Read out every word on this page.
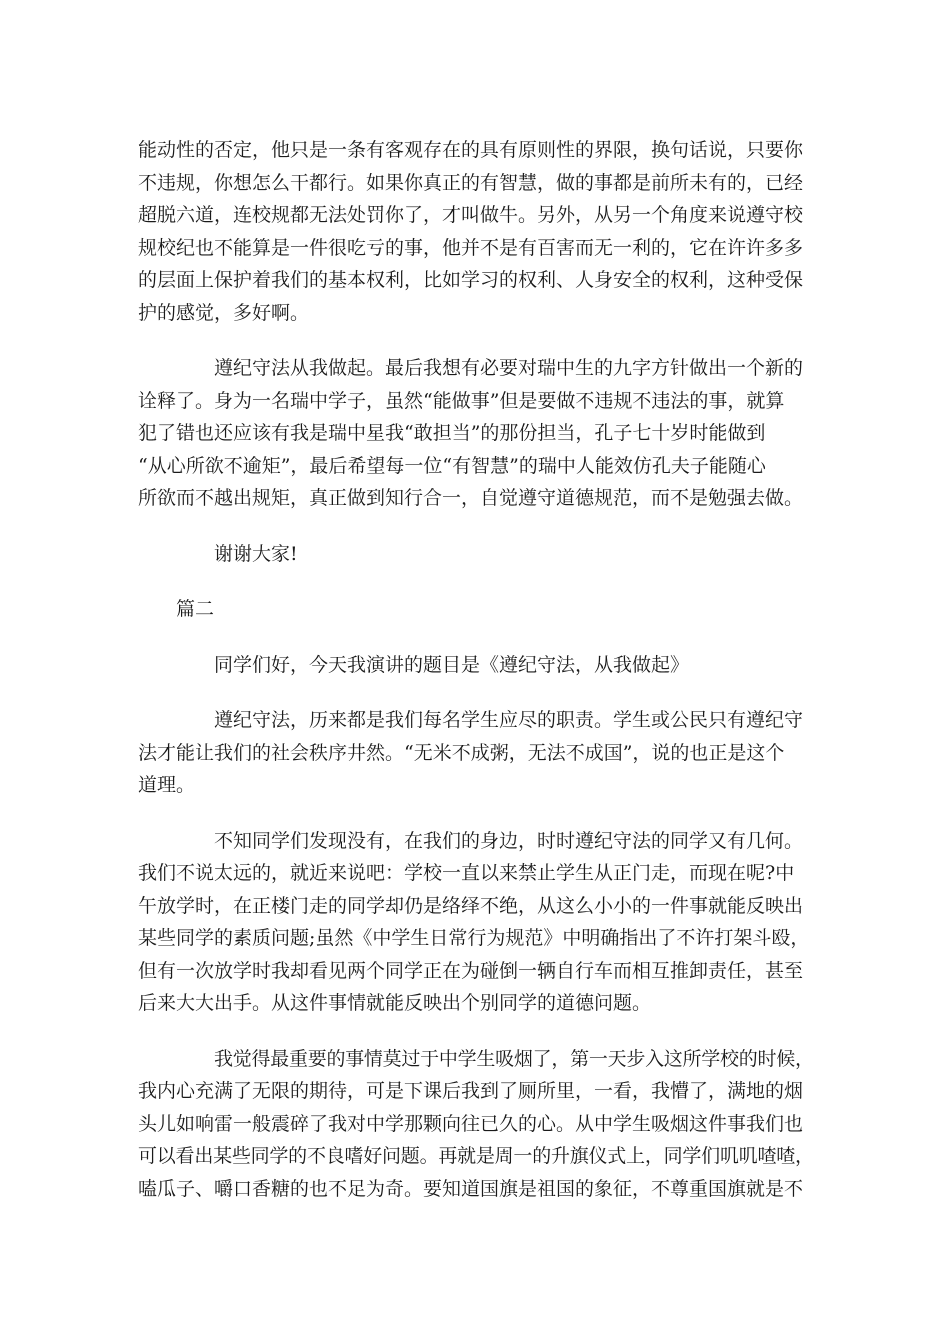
能动性的否定，他只是一条有客观存在的具有原则性的界限，换句话说，只要你
不违规，你想怎么干都行。如果你真正的有智慧，做的事都是前所未有的，已经
超脱六道，连校规都无法处罚你了，才叫做牛。另外，从另一个角度来说遵守校
规校纪也不能算是一件很吃亏的事，他并不是有百害而无一利的，它在许许多多
的层面上保护着我们的基本权利，比如学习的权利、人身安全的权利，这种受保
护的感觉，多好啊。

遵纪守法从我做起。最后我想有必要对瑞中生的九字方针做出一个新的
诠释了。身为一名瑞中学子，虽然“能做事”但是要做不违规不违法的事，就算
犯了错也还应该有我是瑞中星我“敢担当”的那份担当，孔子七十岁时能做到
“从心所欲不逾矩”，最后希望每一位“有智慧”的瑞中人能效仿孔夫子能随心
所欲而不越出规矩，真正做到知行合一，自觉遵守道德规范，而不是勉强去做。

谢谢大家!

篇二

同学们好，今天我演讲的题目是《遵纪守法，从我做起》

遵纪守法，历来都是我们每名学生应尽的职责。学生或公民只有遵纪守
法才能让我们的社会秩序井然。“无米不成粥，无法不成国”，说的也正是这个
道理。

不知同学们发现没有，在我们的身边，时时遵纪守法的同学又有几何。
我们不说太远的，就近来说吧：学校一直以来禁止学生从正门走，而现在呢?中
午放学时，在正楼门走的同学却仍是络绎不绝，从这么小小的一件事就能反映出
某些同学的素质问题;虽然《中学生日常行为规范》中明确指出了不许打架斗殴，
但有一次放学时我却看见两个同学正在为碰倒一辆自行车而相互推卸责任，甚至
后来大大出手。从这件事情就能反映出个别同学的道德问题。

我觉得最重要的事情莫过于中学生吸烟了，第一天步入这所学校的时候，
我内心充满了无限的期待，可是下课后我到了厕所里，一看，我懵了，满地的烟
头儿如响雷一般震碎了我对中学那颗向往已久的心。从中学生吸烟这件事我们也
可以看出某些同学的不良嗜好问题。再就是周一的升旗仪式上，同学们叽叽喳喳，
嗑瓜子、嚼口香糖的也不足为奇。要知道国旗是祖国的象征，不尊重国旗就是不
